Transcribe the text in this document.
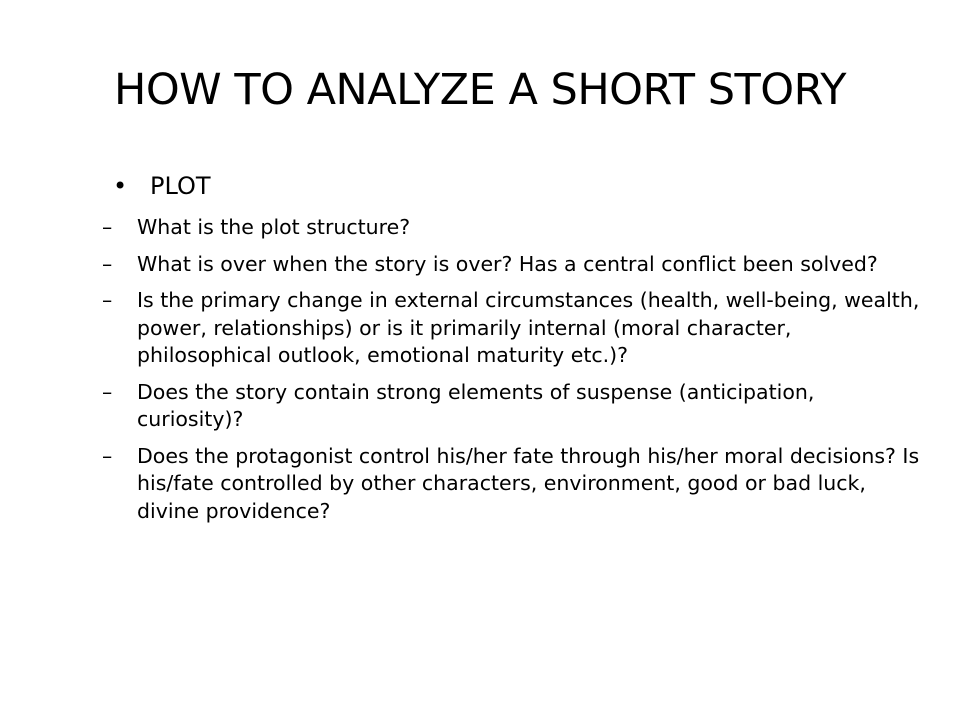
HOW TO ANALYZE A SHORT STORY
• PLOT
– What is the plot structure?
– What is over when the story is over? Has a central conflict been solved?
– Is the primary change in external circumstances (health, well-being, wealth, power, relationships) or is it primarily internal (moral character, philosophical outlook, emotional maturity etc.)?
– Does the story contain strong elements of suspense (anticipation, curiosity)?
– Does the protagonist control his/her fate through his/her moral decisions? Is his/fate controlled by other characters, environment, good or bad luck, divine providence?
